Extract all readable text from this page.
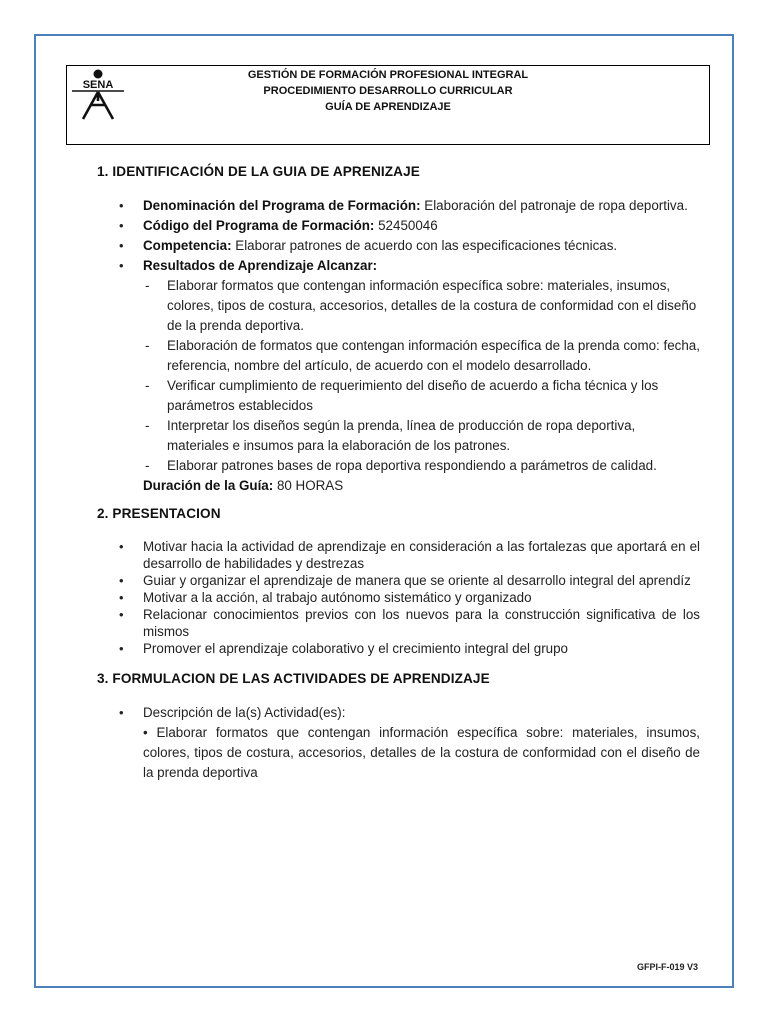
SENA
GESTIÓN DE FORMACIÓN PROFESIONAL INTEGRAL
PROCEDIMIENTO DESARROLLO CURRICULAR
GUÍA DE APRENDIZAJE
1. IDENTIFICACIÓN DE LA GUIA DE APRENIZAJE
• Denominación del Programa de Formación: Elaboración del patronaje de ropa deportiva.
• Código del Programa de Formación: 52450046
• Competencia: Elaborar patrones de acuerdo con las especificaciones técnicas.
• Resultados de Aprendizaje Alcanzar:
- Elaborar formatos que contengan información específica sobre: materiales, insumos, colores, tipos de costura, accesorios, detalles de la costura de conformidad con el diseño de la prenda deportiva.
- Elaboración de formatos que contengan información específica de la prenda como: fecha, referencia, nombre del artículo, de acuerdo con el modelo desarrollado.
- Verificar cumplimiento de requerimiento del diseño de acuerdo a ficha técnica y los parámetros establecidos
- Interpretar los diseños según la prenda, línea de producción de ropa deportiva, materiales e insumos para la elaboración de los patrones.
- Elaborar patrones bases de ropa deportiva respondiendo a parámetros de calidad.
Duración de la Guía: 80 HORAS
2. PRESENTACION
• Motivar hacia la actividad de aprendizaje en consideración a las fortalezas que aportará en el desarrollo de habilidades y destrezas
• Guiar y organizar el aprendizaje de manera que se oriente al desarrollo integral del aprendíz
• Motivar a la acción, al trabajo autónomo sistemático y organizado
• Relacionar conocimientos previos con los nuevos para la construcción significativa de los mismos
• Promover el aprendizaje colaborativo y el crecimiento integral del grupo
3. FORMULACION DE LAS ACTIVIDADES DE APRENDIZAJE
• Descripción de la(s) Actividad(es):
• Elaborar formatos que contengan información específica sobre: materiales, insumos, colores, tipos de costura, accesorios, detalles de la costura de conformidad con el diseño de la prenda deportiva
GFPI-F-019 V3
